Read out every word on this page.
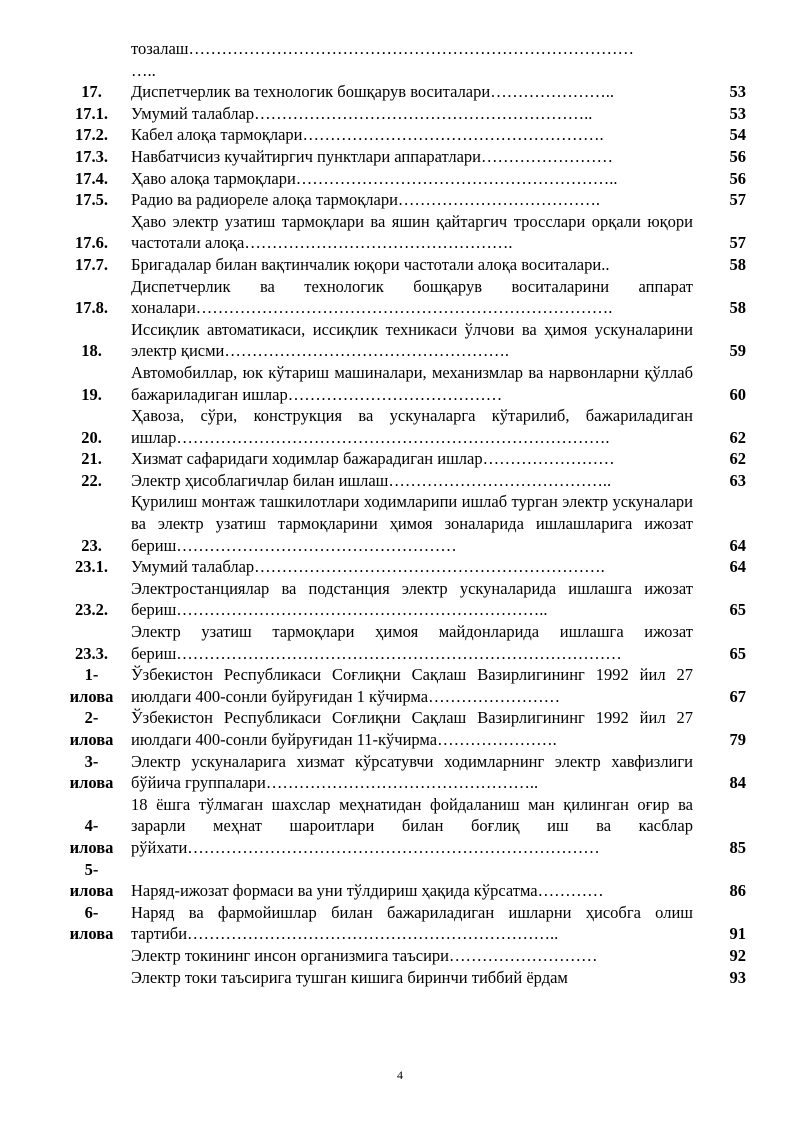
	тозалаш………………………………………………………………………
…..	
17.	Диспетчерлик ва технологик бошқарув воситалари…………………..	53
17.1.	Умумий талаблар……………………………………………………..	53
17.2.	Кабел алоқа тармоқлари……………………………………………….	54
17.3.	Навбатчисиз кучайтиргич пунктлари аппаратлари……………………	56
17.4.	Ҳаво алоқа тармоқлари…………………………………………………..	56
17.5.	Радио ва радиореле алоқа тармоқлари……………………………….	57
17.6.	Ҳаво электр узатиш тармоқлари ва яшин қайтаргич тросслари орқали юқори частотали алоқа………………………………………….	57
17.7.	Бригадалар билан вақтинчалик юқори частотали алоқа воситалари..	58
17.8.	Диспетчерлик ва технологик бошқарув воситаларини аппарат хоналари………………………………………………………………….	58
18.	Иссиқлик автоматикаси, иссиқлик техникаси ўлчови ва ҳимоя ускуналарини электр қисми…………………………………………….	59
19.	Автомобиллар, юк кўтариш машиналари, механизмлар ва нарвонларни қўллаб бажариладиган ишлар…………………………………	60
20.	Ҳавоза, сўри, конструкция ва ускуналарга кўтарилиб, бажариладиган ишлар…………………………………………………………………….	62
21.	Хизмат сафаридаги ходимлар бажарадиган ишлар……………………	62
22.	Электр ҳисоблагичлар билан ишлаш…………………………………..	63
23.	Қурилиш монтаж ташкилотлари ходимларипи ишлаб турган электр ускуналари ва электр узатиш тармоқларини ҳимоя зоналарида ишлашларига ижозат бериш……………………………………………	64
23.1.	Умумий талаблар……………………………………………………….	64
23.2.	Электростанциялар ва подстанция электр ускуналарида ишлашга ижозат бериш…………………………………………………………..	65
23.3.	Электр узатиш тармоқлари ҳимоя майдонларида ишлашга ижозат бериш………………………………………………………………………	65
1-
илова	Ўзбекистон Республикаси Соғлиқни Сақлаш Вазирлигининг 1992 йил 27 июлдаги 400-сонли буйруғидан 1 кўчирма……………………	67
2-
илова	Ўзбекистон Республикаси Соғлиқни Сақлаш Вазирлигининг 1992 йил 27 июлдаги 400-сонли буйруғидан 11-кўчирма………………….	79
3-
илова	Электр ускуналарига хизмат кўрсатувчи ходимларнинг электр хавфизлиги бўйича группалари…………………………………………..	84
4-
илова	18 ёшга тўлмаган шахслар меҳнатидан фойдаланиш ман қилинган оғир ва зарарли меҳнат шароитлари билан боғлиқ иш ва касблар рўйхати…………………………………………………………………	85
5-
илова	Наряд-ижозат формаси ва уни тўлдириш ҳақида кўрсатма…………	86
6-
илова	Наряд ва фармойишлар билан бажариладиган ишларни ҳисобга олиш тартиби…………………………………………………………..	91
	Электр токининг инсон организмига таъсири………………………	92
	Электр токи таъсирига тушган кишига биринчи тиббий ёрдам	93
4
